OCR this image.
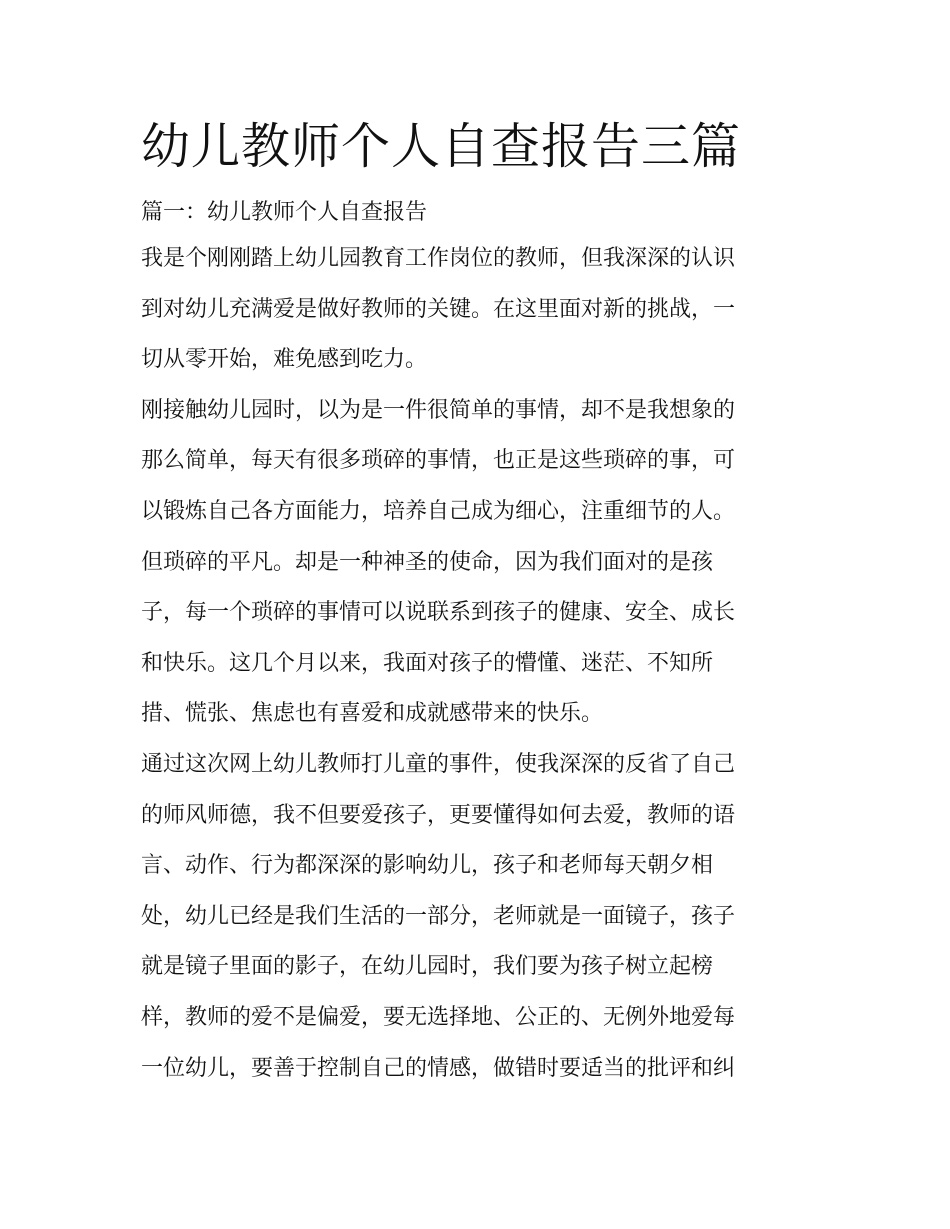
幼儿教师个人自查报告三篇
篇一：幼儿教师个人自查报告

我是个刚刚踏上幼儿园教育工作岗位的教师，但我深深的认识
到对幼儿充满爱是做好教师的关键。在这里面对新的挑战，一
切从零开始，难免感到吃力。

刚接触幼儿园时，以为是一件很简单的事情，却不是我想象的
那么简单，每天有很多琐碎的事情，也正是这些琐碎的事，可
以锻炼自己各方面能力，培养自己成为细心，注重细节的人。
但琐碎的平凡。却是一种神圣的使命，因为我们面对的是孩
子，每一个琐碎的事情可以说联系到孩子的健康、安全、成长
和快乐。这几个月以来，我面对孩子的懵懂、迷茫、不知所
措、慌张、焦虑也有喜爱和成就感带来的快乐。

通过这次网上幼儿教师打儿童的事件，使我深深的反省了自己
的师风师德，我不但要爱孩子，更要懂得如何去爱，教师的语
言、动作、行为都深深的影响幼儿，孩子和老师每天朝夕相
处，幼儿已经是我们生活的一部分，老师就是一面镜子，孩子
就是镜子里面的影子，在幼儿园时，我们要为孩子树立起榜
样，教师的爱不是偏爱，要无选择地、公正的、无例外地爱每
一位幼儿，要善于控制自己的情感，做错时要适当的批评和纠
